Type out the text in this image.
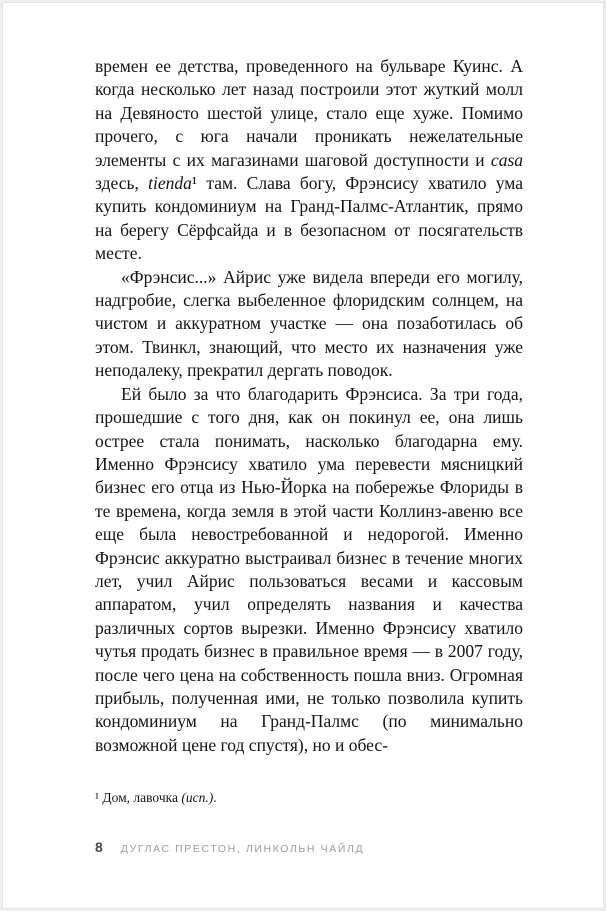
времен ее детства, проведенного на бульваре Куинс. А когда несколько лет назад построили этот жуткий молл на Девяносто шестой улице, стало еще хуже. Помимо прочего, с юга начали проникать нежелательные элементы с их магазинами шаговой доступности и casa здесь, tienda¹ там. Слава богу, Фрэнсису хватило ума купить кондоминиум на Гранд-Палмс-Атлантик, прямо на берегу Сёрфсайда и в безопасном от посягательств месте.

«Фрэнсис...» Айрис уже видела впереди его могилу, надгробие, слегка выбеленное флоридским солнцем, на чистом и аккуратном участке — она позаботилась об этом. Твинкл, знающий, что место их назначения уже неподалеку, прекратил дергать поводок.

Ей было за что благодарить Фрэнсиса. За три года, прошедшие с того дня, как он покинул ее, она лишь острее стала понимать, насколько благодарна ему. Именно Фрэнсису хватило ума перевести мясницкий бизнес его отца из Нью-Йорка на побережье Флориды в те времена, когда земля в этой части Коллинз-авеню все еще была невостребованной и недорогой. Именно Фрэнсис аккуратно выстраивал бизнес в течение многих лет, учил Айрис пользоваться весами и кассовым аппаратом, учил определять названия и качества различных сортов вырезки. Именно Фрэнсису хватило чутья продать бизнес в правильное время — в 2007 году, после чего цена на собственность пошла вниз. Огромная прибыль, полученная ими, не только позволила купить кондоминиум на Гранд-Палмс (по минимально возможной цене год спустя), но и обес-

¹ Дом, лавочка (исп.).
8 ДУГЛАС ПРЕСТОН, ЛИНКОЛЬН ЧАЙЛД
